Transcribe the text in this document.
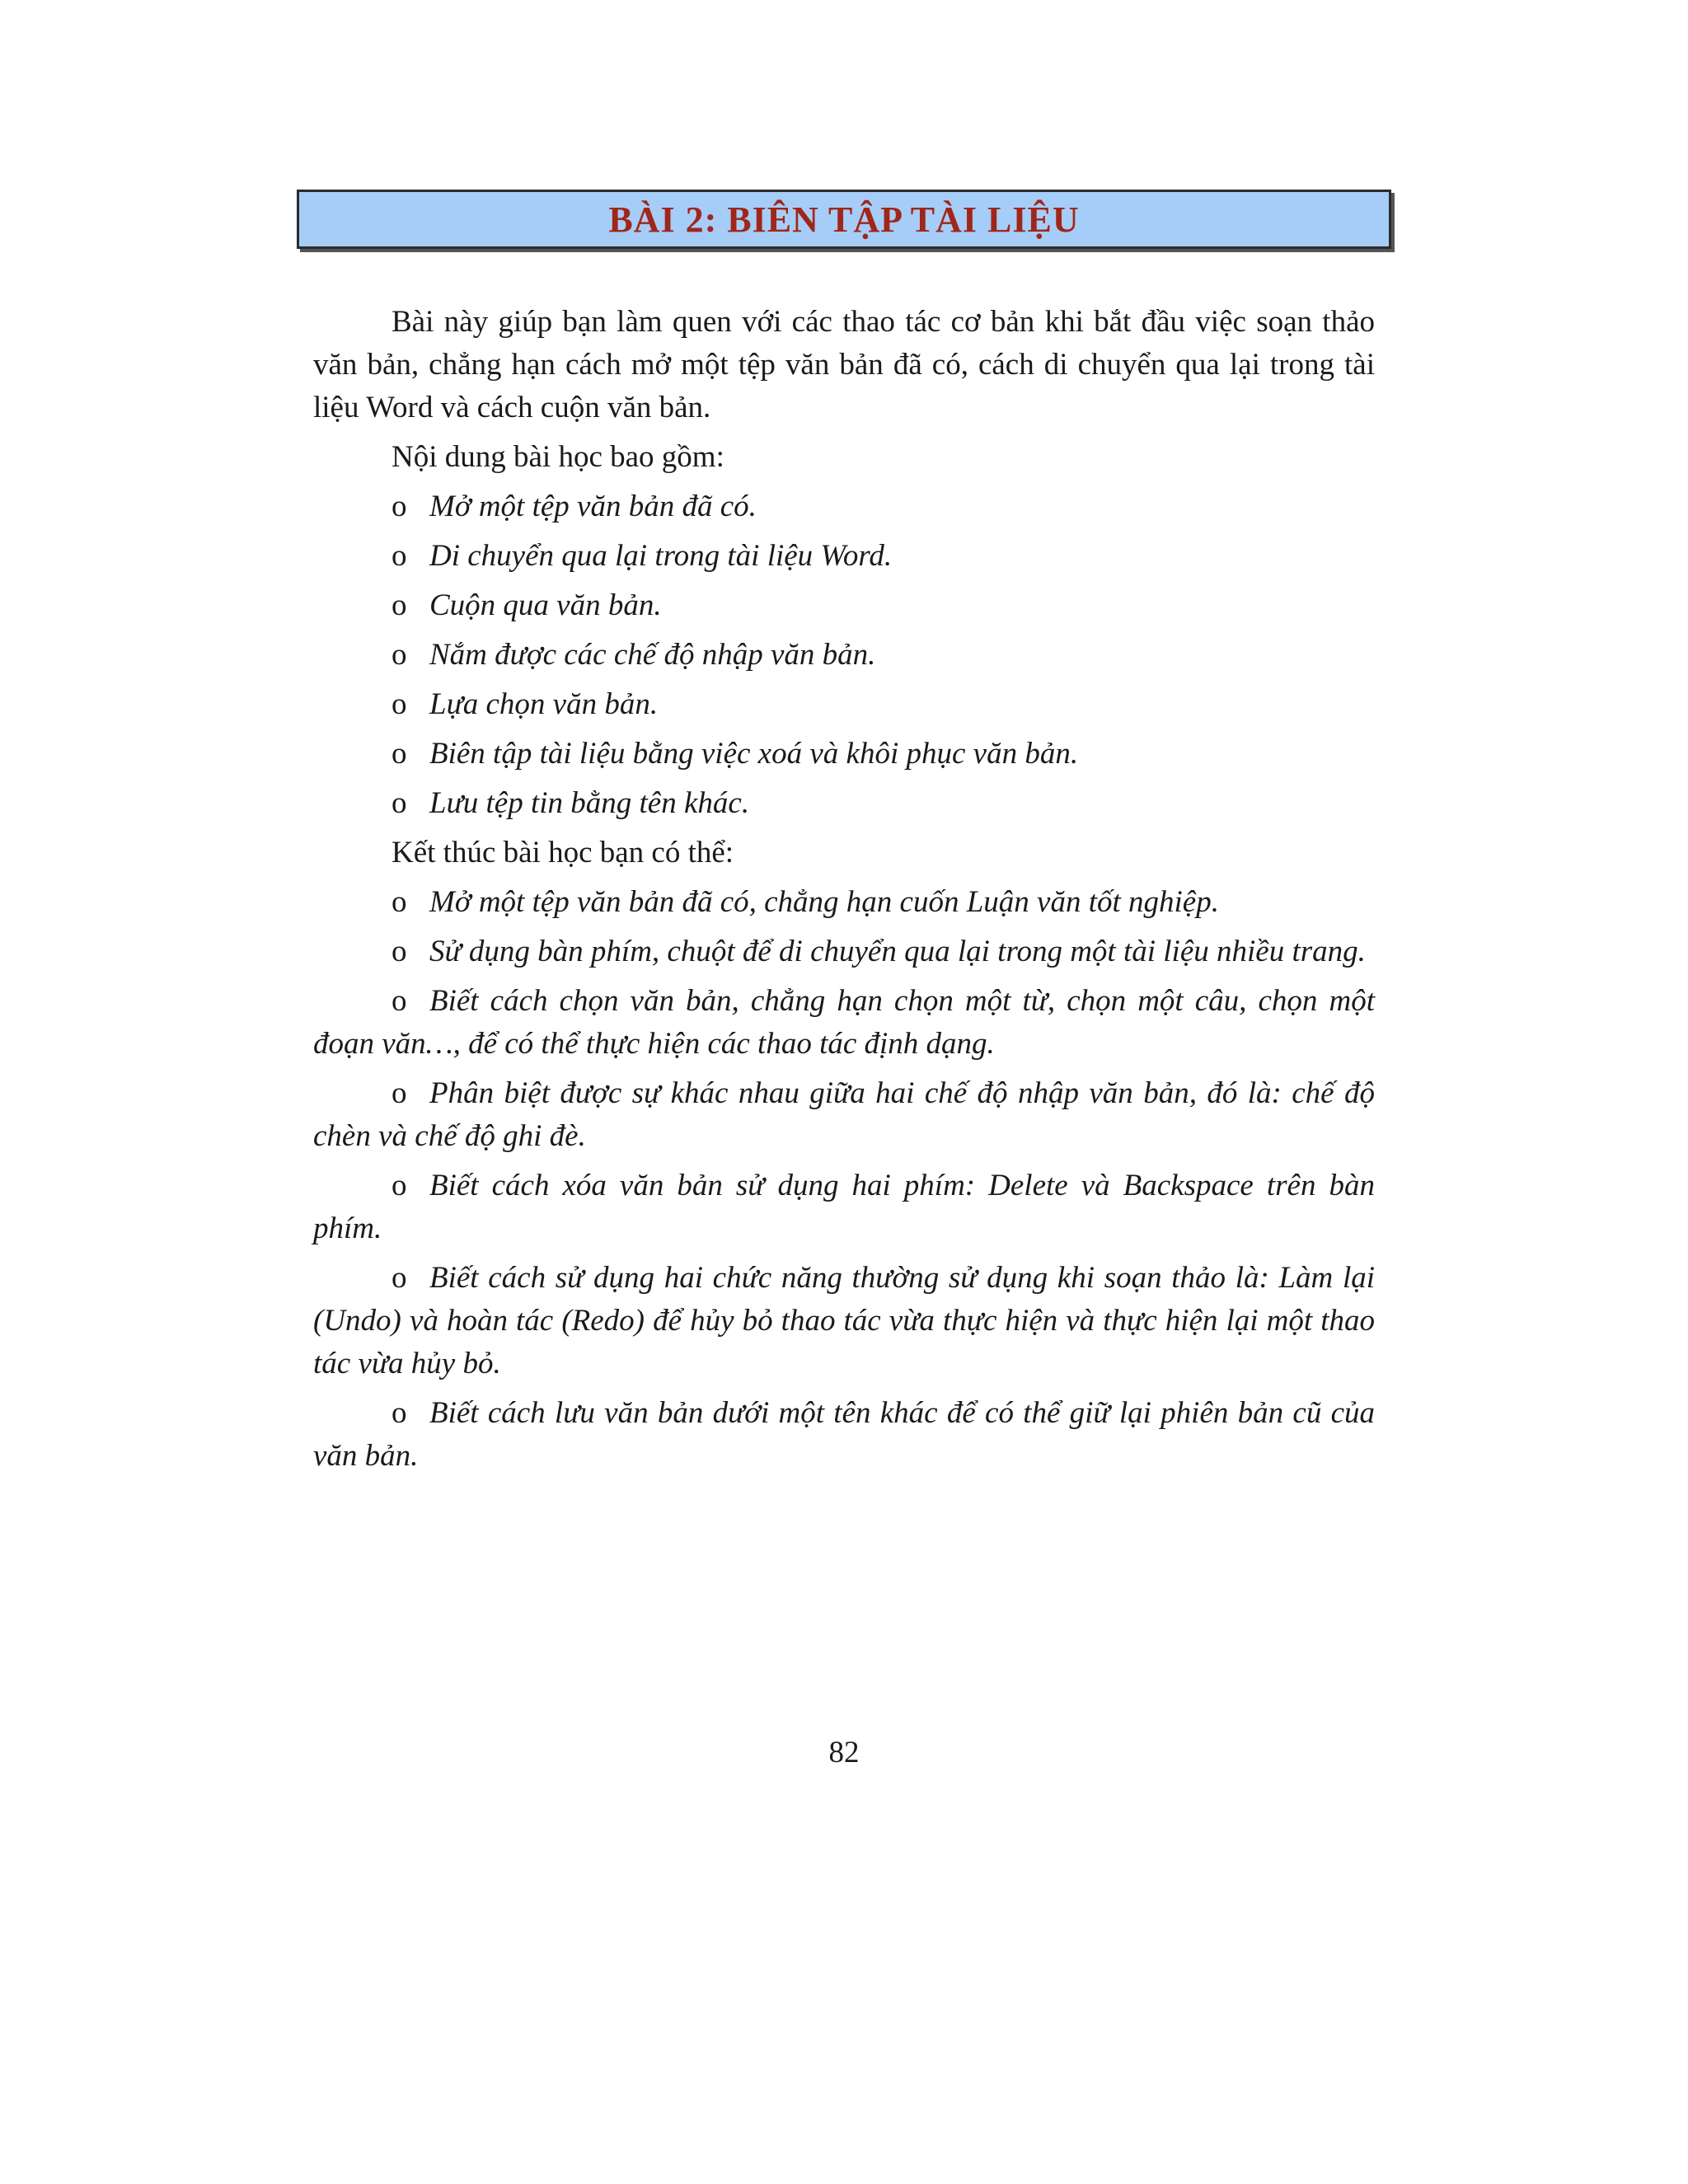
BÀI 2: BIÊN TẬP TÀI LIỆU

Bài này giúp bạn làm quen với các thao tác cơ bản khi bắt đầu việc soạn thảo văn bản, chẳng hạn cách mở một tệp văn bản đã có, cách di chuyển qua lại trong tài liệu Word và cách cuộn văn bản.

Nội dung bài học bao gồm:

o Mở một tệp văn bản đã có.
o Di chuyển qua lại trong tài liệu Word.
o Cuộn qua văn bản.
o Nắm được các chế độ nhập văn bản.
o Lựa chọn văn bản.
o Biên tập tài liệu bằng việc xoá và khôi phục văn bản.
o Lưu tệp tin bằng tên khác.

Kết thúc bài học bạn có thể:

o Mở một tệp văn bản đã có, chẳng hạn cuốn Luận văn tốt nghiệp.
o Sử dụng bàn phím, chuột để di chuyển qua lại trong một tài liệu nhiều trang.
o Biết cách chọn văn bản, chẳng hạn chọn một từ, chọn một câu, chọn một đoạn văn…, để có thể thực hiện các thao tác định dạng.
o Phân biệt được sự khác nhau giữa hai chế độ nhập văn bản, đó là: chế độ chèn và chế độ ghi đè.
o Biết cách xóa văn bản sử dụng hai phím: Delete và Backspace trên bàn phím.
o Biết cách sử dụng hai chức năng thường sử dụng khi soạn thảo là: Làm lại (Undo) và hoàn tác (Redo) để hủy bỏ thao tác vừa thực hiện và thực hiện lại một thao tác vừa hủy bỏ.
o Biết cách lưu văn bản dưới một tên khác để có thể giữ lại phiên bản cũ của văn bản.
82
